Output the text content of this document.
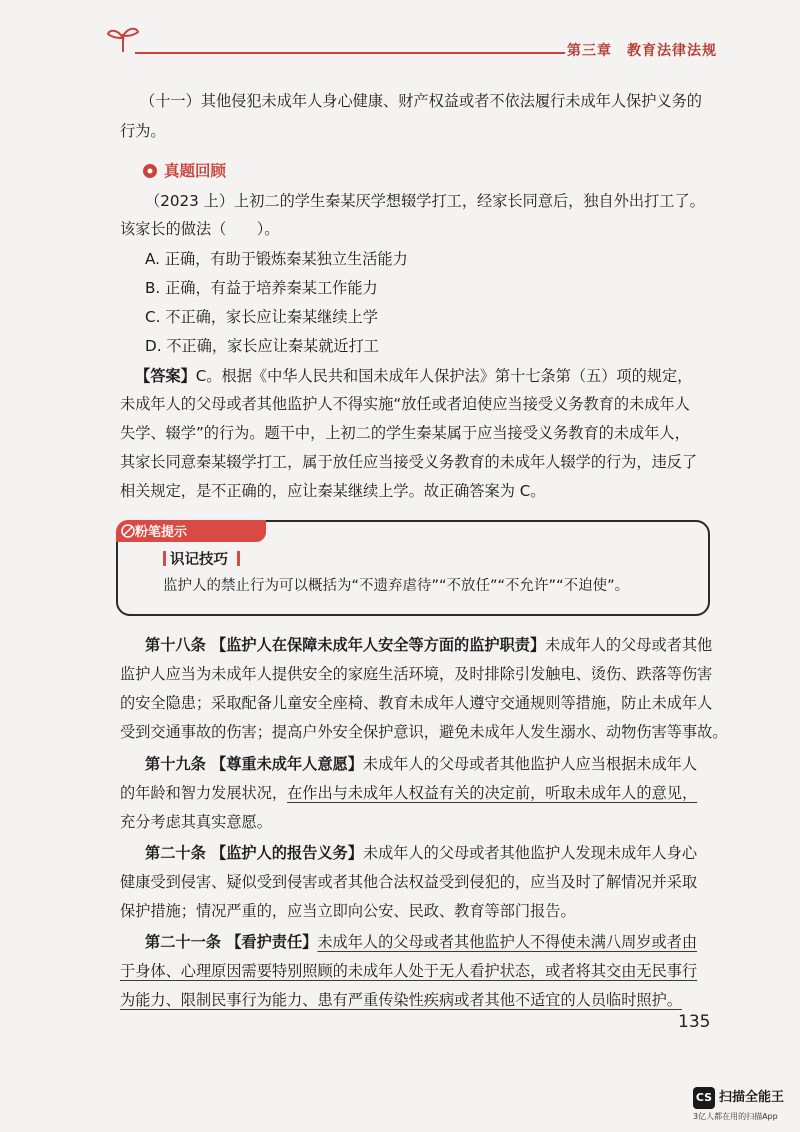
第三章　教育法律法规
（十一）其他侵犯未成年人身心健康、财产权益或者不依法履行未成年人保护义务的
行为。
真题回顾
（2023 上）上初二的学生秦某厌学想辍学打工，经家长同意后，独自外出打工了。
该家长的做法（　　）。
A. 正确，有助于锻炼秦某独立生活能力
B. 正确，有益于培养秦某工作能力
C. 不正确，家长应让秦某继续上学
D. 不正确，家长应让秦某就近打工
【答案】C。根据《中华人民共和国未成年人保护法》第十七条第（五）项的规定，
未成年人的父母或者其他监护人不得实施“放任或者迫使应当接受义务教育的未成年人
失学、辍学”的行为。题干中，上初二的学生秦某属于应当接受义务教育的未成年人，
其家长同意秦某辍学打工，属于放任应当接受义务教育的未成年人辍学的行为，违反了
相关规定，是不正确的，应让秦某继续上学。故正确答案为 C。
粉笔提示
识记技巧
监护人的禁止行为可以概括为“不遗弃虐待”“不放任”“不允许”“不迫使”。
第十八条 【监护人在保障未成年人安全等方面的监护职责】未成年人的父母或者其他
监护人应当为未成年人提供安全的家庭生活环境，及时排除引发触电、烫伤、跌落等伤害
的安全隐患；采取配备儿童安全座椅、教育未成年人遵守交通规则等措施，防止未成年人
受到交通事故的伤害；提高户外安全保护意识，避免未成年人发生溺水、动物伤害等事故。
第十九条 【尊重未成年人意愿】未成年人的父母或者其他监护人应当根据未成年人
的年龄和智力发展状况，在作出与未成年人权益有关的决定前，听取未成年人的意见，
充分考虑其真实意愿。
第二十条 【监护人的报告义务】未成年人的父母或者其他监护人发现未成年人身心
健康受到侵害、疑似受到侵害或者其他合法权益受到侵犯的，应当及时了解情况并采取
保护措施；情况严重的，应当立即向公安、民政、教育等部门报告。
第二十一条 【看护责任】未成年人的父母或者其他监护人不得使未满八周岁或者由
于身体、心理原因需要特别照顾的未成年人处于无人看护状态，或者将其交由无民事行
为能力、限制民事行为能力、患有严重传染性疾病或者其他不适宜的人员临时照护。
135
CS 扫描全能王
3亿人都在用的扫描App
